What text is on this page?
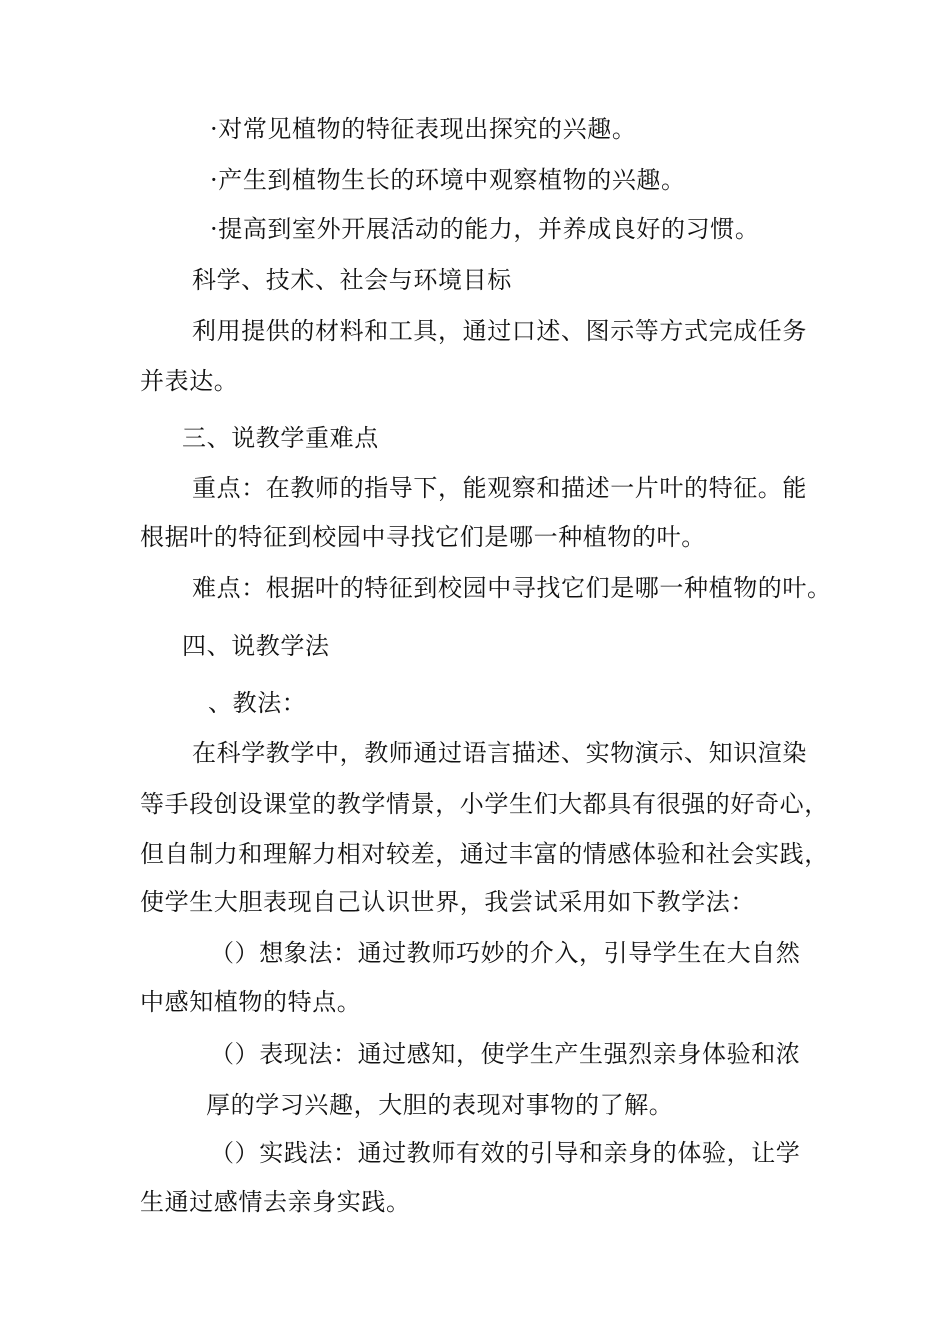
·对常见植物的特征表现出探究的兴趣。
·产生到植物生长的环境中观察植物的兴趣。
·提高到室外开展活动的能力，并养成良好的习惯。
科学、技术、社会与环境目标
利用提供的材料和工具，通过口述、图示等方式完成任务
并表达。
三、说教学重难点
重点：在教师的指导下，能观察和描述一片叶的特征。能
根据叶的特征到校园中寻找它们是哪一种植物的叶。
难点：根据叶的特征到校园中寻找它们是哪一种植物的叶。
四、说教学法
、教法：
在科学教学中，教师通过语言描述、实物演示、知识渲染
等手段创设课堂的教学情景，小学生们大都具有很强的好奇心，
但自制力和理解力相对较差，通过丰富的情感体验和社会实践，
使学生大胆表现自己认识世界，我尝试采用如下教学法：
（）想象法：通过教师巧妙的介入，引导学生在大自然
中感知植物的特点。
（）表现法：通过感知，使学生产生强烈亲身体验和浓
厚的学习兴趣，大胆的表现对事物的了解。
（）实践法：通过教师有效的引导和亲身的体验，让学
生通过感情去亲身实践。
